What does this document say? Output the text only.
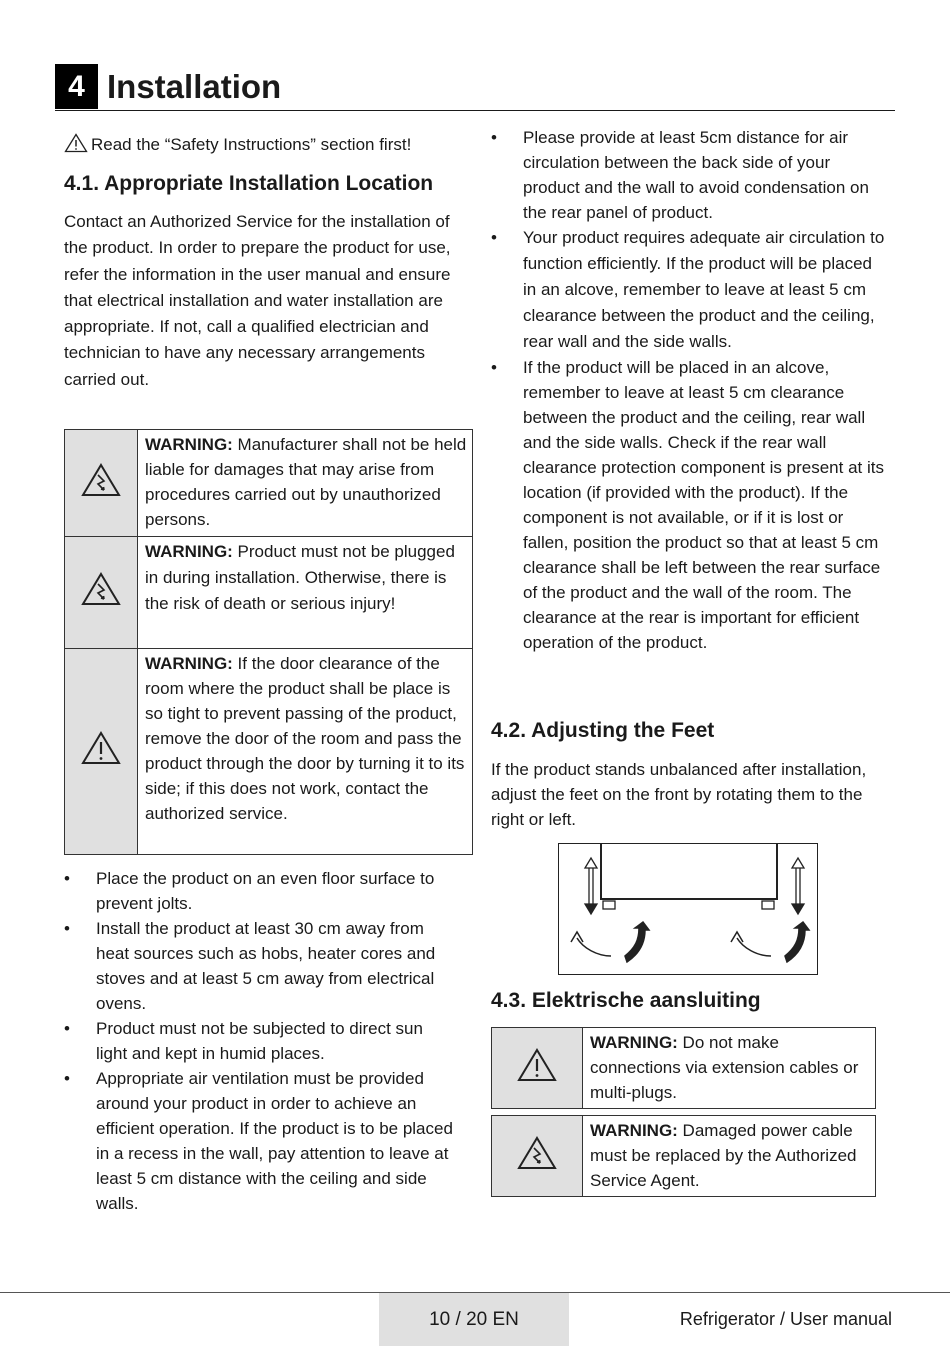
4 Installation
Read the “Safety Instructions” section first!
4.1. Appropriate Installation Location

Contact an Authorized Service for the installation of the product. In order to prepare the product for use, refer the information in the user manual and ensure that electrical installation and water installation are appropriate. If not, call a qualified electrician and technician to have any necessary arrangements carried out.

	WARNING: Manufacturer shall not be held liable for damages that may arise from procedures carried out by unauthorized persons.
	WARNING: Product must not be plugged in during installation. Otherwise, there is the risk of death or serious injury!
	WARNING: If the door clearance of the room where the product shall be place is so tight to prevent passing of the product, remove the door of the room and pass the product through the door by turning it to its side; if this does not work, contact the authorized service.
• Place the product on an even floor surface to prevent jolts.
• Install the product at least 30 cm away from heat sources such as hobs, heater cores and stoves and at least 5 cm away from electrical ovens.
• Product must not be subjected to direct sun light and kept in humid places.
• Appropriate air ventilation must be provided around your product in order to achieve an efficient operation. If the product is to be placed in a recess in the wall, pay attention to leave at least 5 cm distance with the ceiling and side walls.
• Please provide at least 5cm distance for air circulation between the back side of your product and the wall to avoid condensation on the rear panel of product.
• Your product requires adequate air circulation to function efficiently. If the product will be placed in an alcove, remember to leave at least 5 cm clearance between the product and the ceiling, rear wall and the side walls.
• If the product will be placed in an alcove, remember to leave at least 5 cm clearance between the product and the ceiling, rear wall and the side walls. Check if the rear wall clearance protection component is present at its location (if provided with the product). If the component is not available, or if it is lost or fallen, position the product so that at least 5 cm clearance shall be left between the rear surface of the product and the wall of the room. The clearance at the rear is important for efficient operation of the product.
4.2. Adjusting the Feet

If the product stands unbalanced after installation, adjust the feet on the front by rotating them to the right or left.

4.3. Elektrische aansluiting
	WARNING: Do not make connections via extension cables or multi-plugs.
	WARNING: Damaged power cable must be replaced by the Authorized Service Agent.
10 / 20 EN	Refrigerator / User manual
